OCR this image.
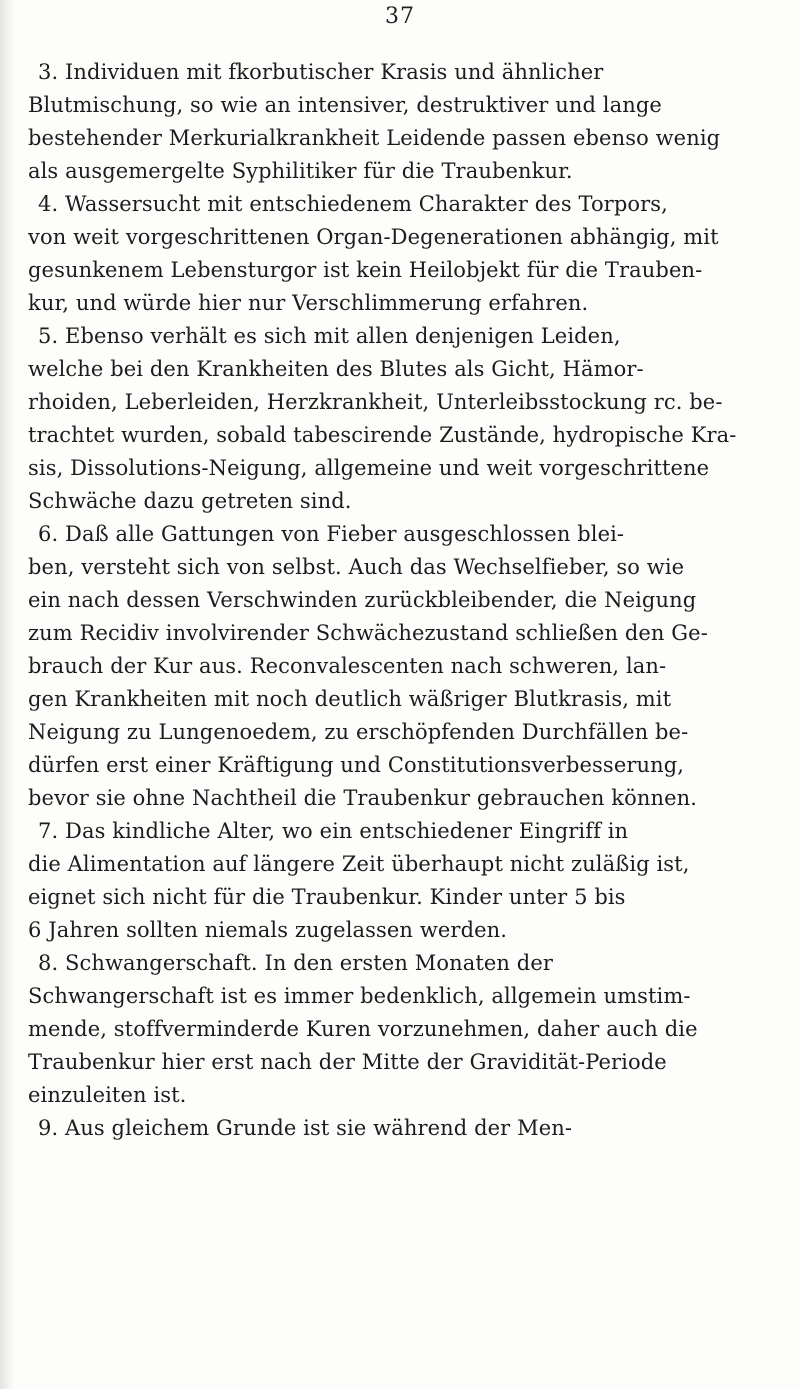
37
3. Individuen mit fkorbutischer Krasis und ähnlicher
Blutmischung, so wie an intensiver, destruktiver und lange
bestehender Merkurialkrankheit Leidende passen ebenso wenig
als ausgemergelte Syphilitiker für die Traubenkur.
4. Wassersucht mit entschiedenem Charakter des Torpors,
von weit vorgeschrittenen Organ-Degenerationen abhängig, mit
gesunkenem Lebensturgor ist kein Heilobjekt für die Trauben-
kur, und würde hier nur Verschlimmerung erfahren.
5. Ebenso verhält es sich mit allen denjenigen Leiden,
welche bei den Krankheiten des Blutes als Gicht, Hämor-
rhoiden, Leberleiden, Herzkrankheit, Unterleibsstockung rc. be-
trachtet wurden, sobald tabescirende Zustände, hydropische Kra-
sis, Dissolutions-Neigung, allgemeine und weit vorgeschrittene
Schwäche dazu getreten sind.
6. Daß alle Gattungen von Fieber ausgeschlossen blei-
ben, versteht sich von selbst. Auch das Wechselfieber, so wie
ein nach dessen Verschwinden zurückbleibender, die Neigung
zum Recidiv involvirender Schwächezustand schließen den Ge-
brauch der Kur aus. Reconvalescenten nach schweren, lan-
gen Krankheiten mit noch deutlich wäßriger Blutkrasis, mit
Neigung zu Lungenoedem, zu erschöpfenden Durchfällen be-
dürfen erst einer Kräftigung und Constitutionsverbesserung,
bevor sie ohne Nachtheil die Traubenkur gebrauchen können.
7. Das kindliche Alter, wo ein entschiedener Eingriff in
die Alimentation auf längere Zeit überhaupt nicht zuläßig ist,
eignet sich nicht für die Traubenkur. Kinder unter 5 bis
6 Jahren sollten niemals zugelassen werden.
8. Schwangerschaft. In den ersten Monaten der
Schwangerschaft ist es immer bedenklich, allgemein umstim-
mende, stoffverminderde Kuren vorzunehmen, daher auch die
Traubenkur hier erst nach der Mitte der Gravidität-Periode
einzuleiten ist.
9. Aus gleichem Grunde ist sie während der Men-
